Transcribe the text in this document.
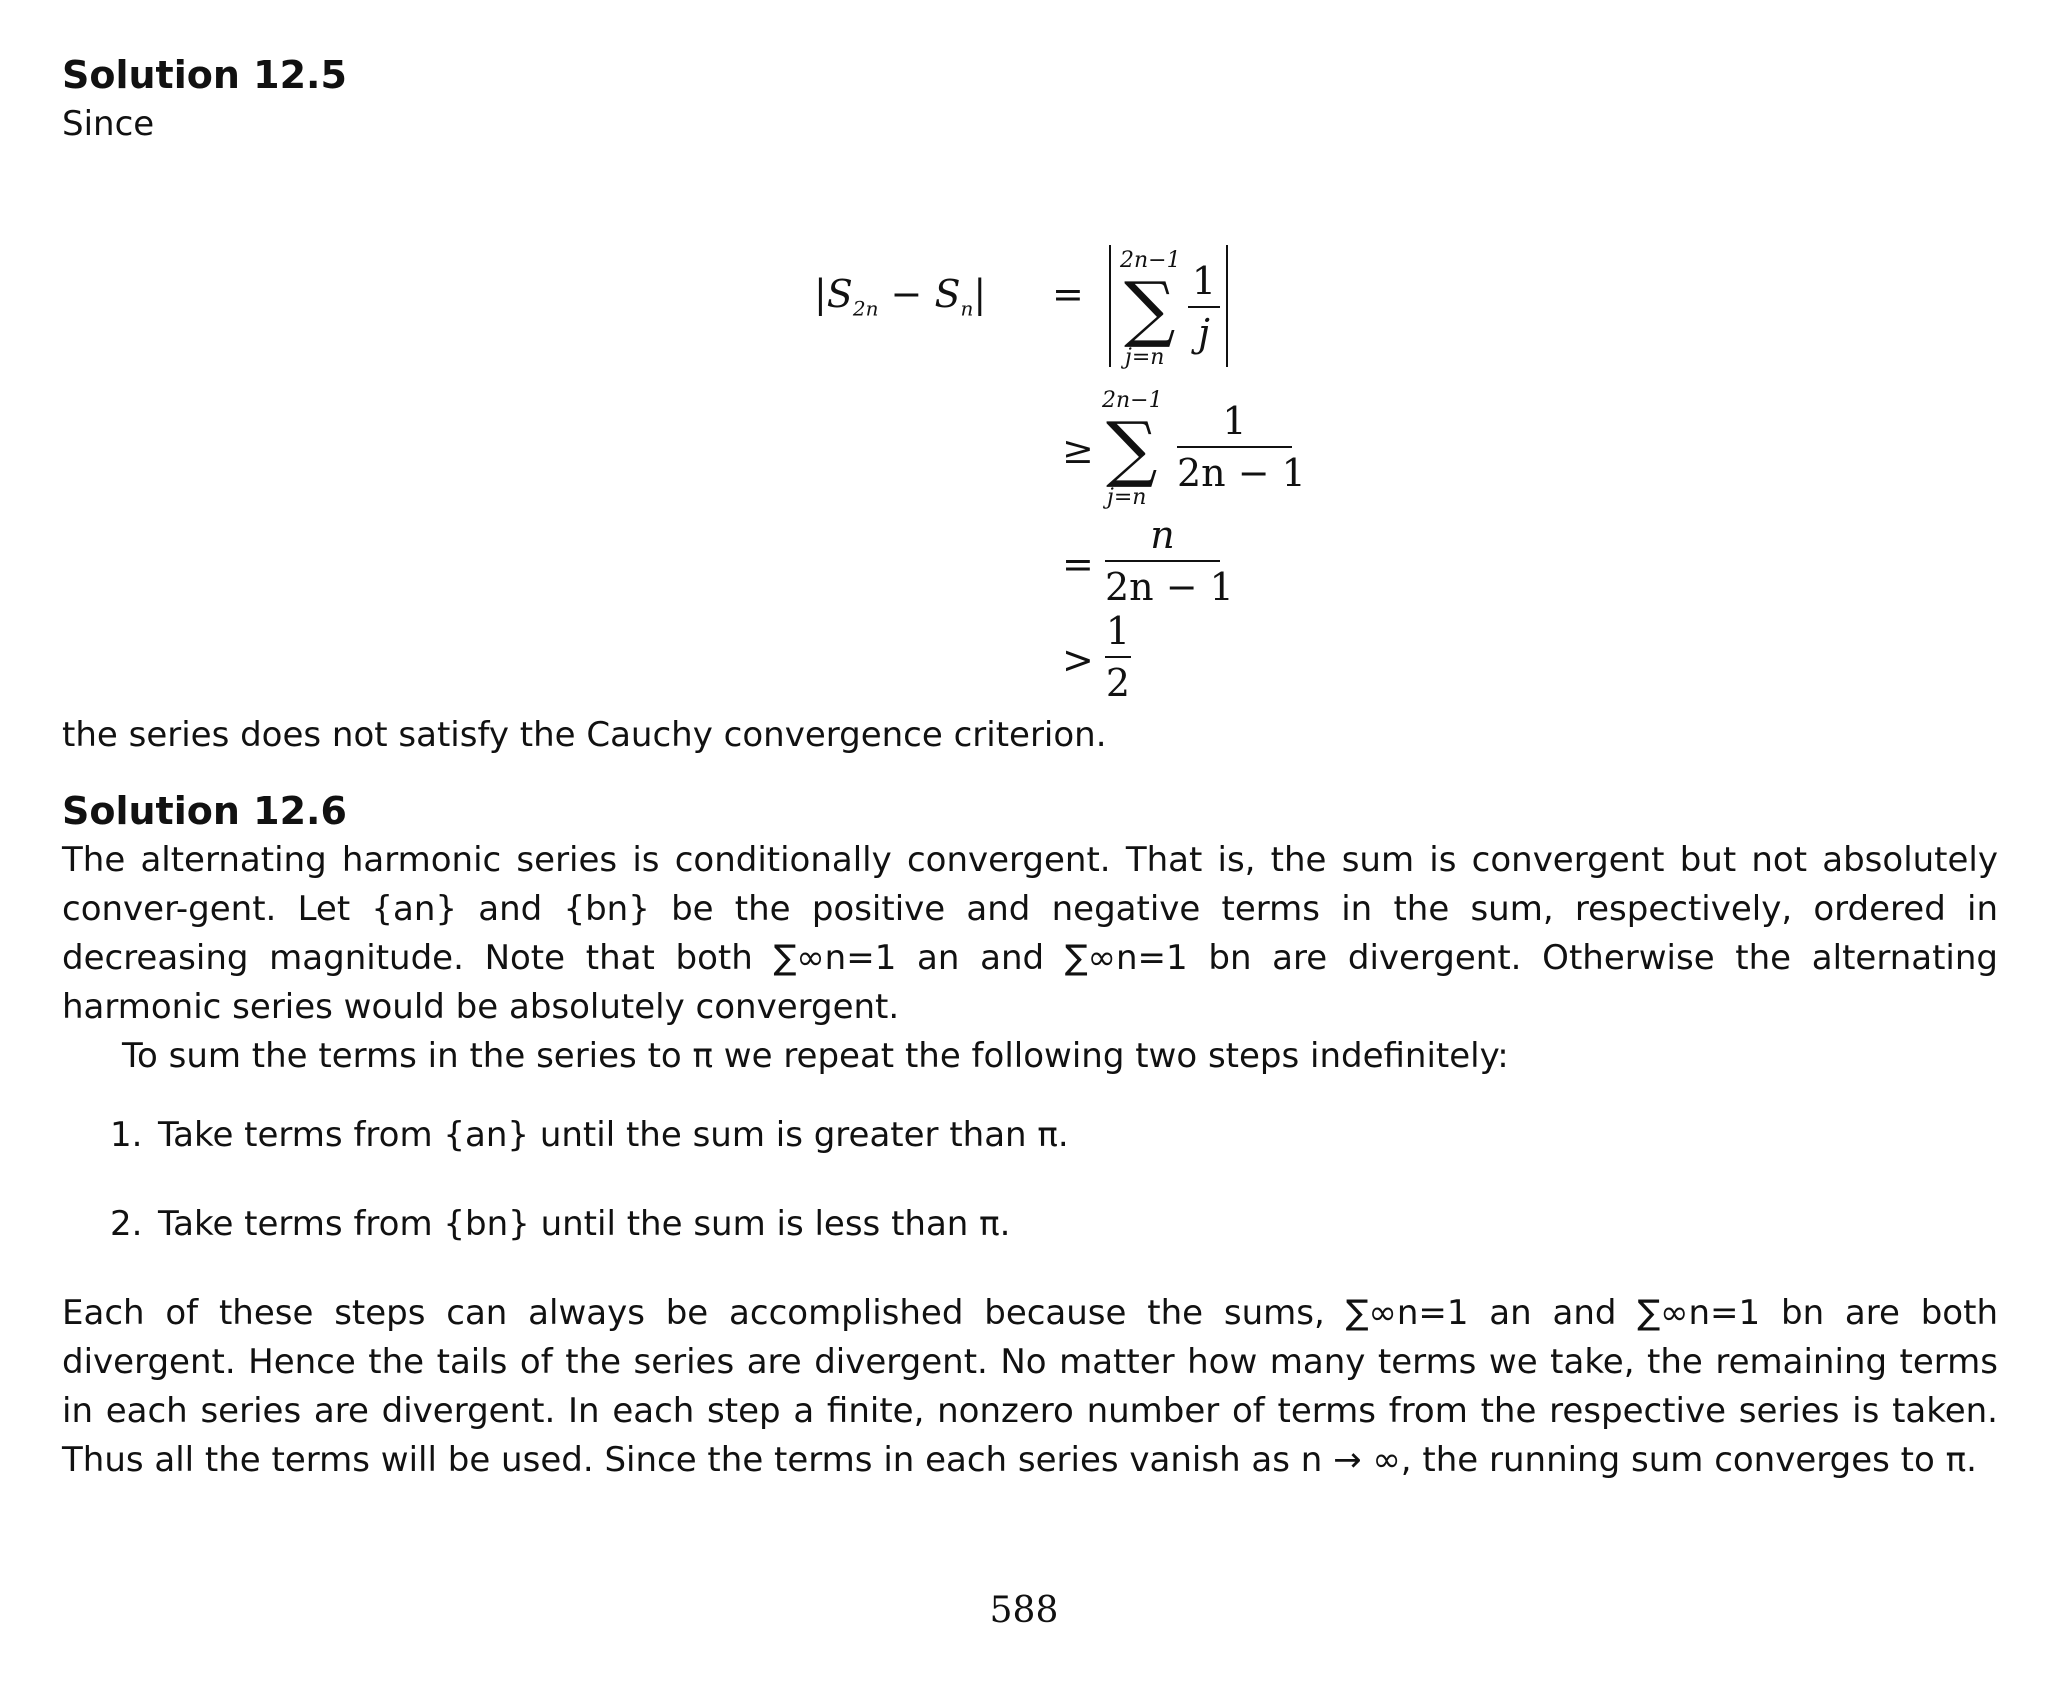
Solution 12.5

Since

$|S_{2n} - S_n|$ =
2n−1
∑
j=n
1
j
≥
2n−1
∑
j=n
1
2n − 1
=
n
2n − 1
>
1
2

the series does not satisfy the Cauchy convergence criterion.

Solution 12.6

The alternating harmonic series is conditionally convergent. That is, the sum is convergent but not absolutely conver-gent. Let {an} and {bn} be the positive and negative terms in the sum, respectively, ordered in decreasing magnitude. Note that both ∑∞n=1 an and ∑∞n=1 bn are divergent. Otherwise the alternating harmonic series would be absolutely convergent.

To sum the terms in the series to π we repeat the following two steps indefinitely:

1. Take terms from {an} until the sum is greater than π.
2. Take terms from {bn} until the sum is less than π.

Each of these steps can always be accomplished because the sums, ∑∞n=1 an and ∑∞n=1 bn are both divergent. Hence the tails of the series are divergent. No matter how many terms we take, the remaining terms in each series are divergent. In each step a finite, nonzero number of terms from the respective series is taken. Thus all the terms will be used. Since the terms in each series vanish as n → ∞, the running sum converges to π.

588
